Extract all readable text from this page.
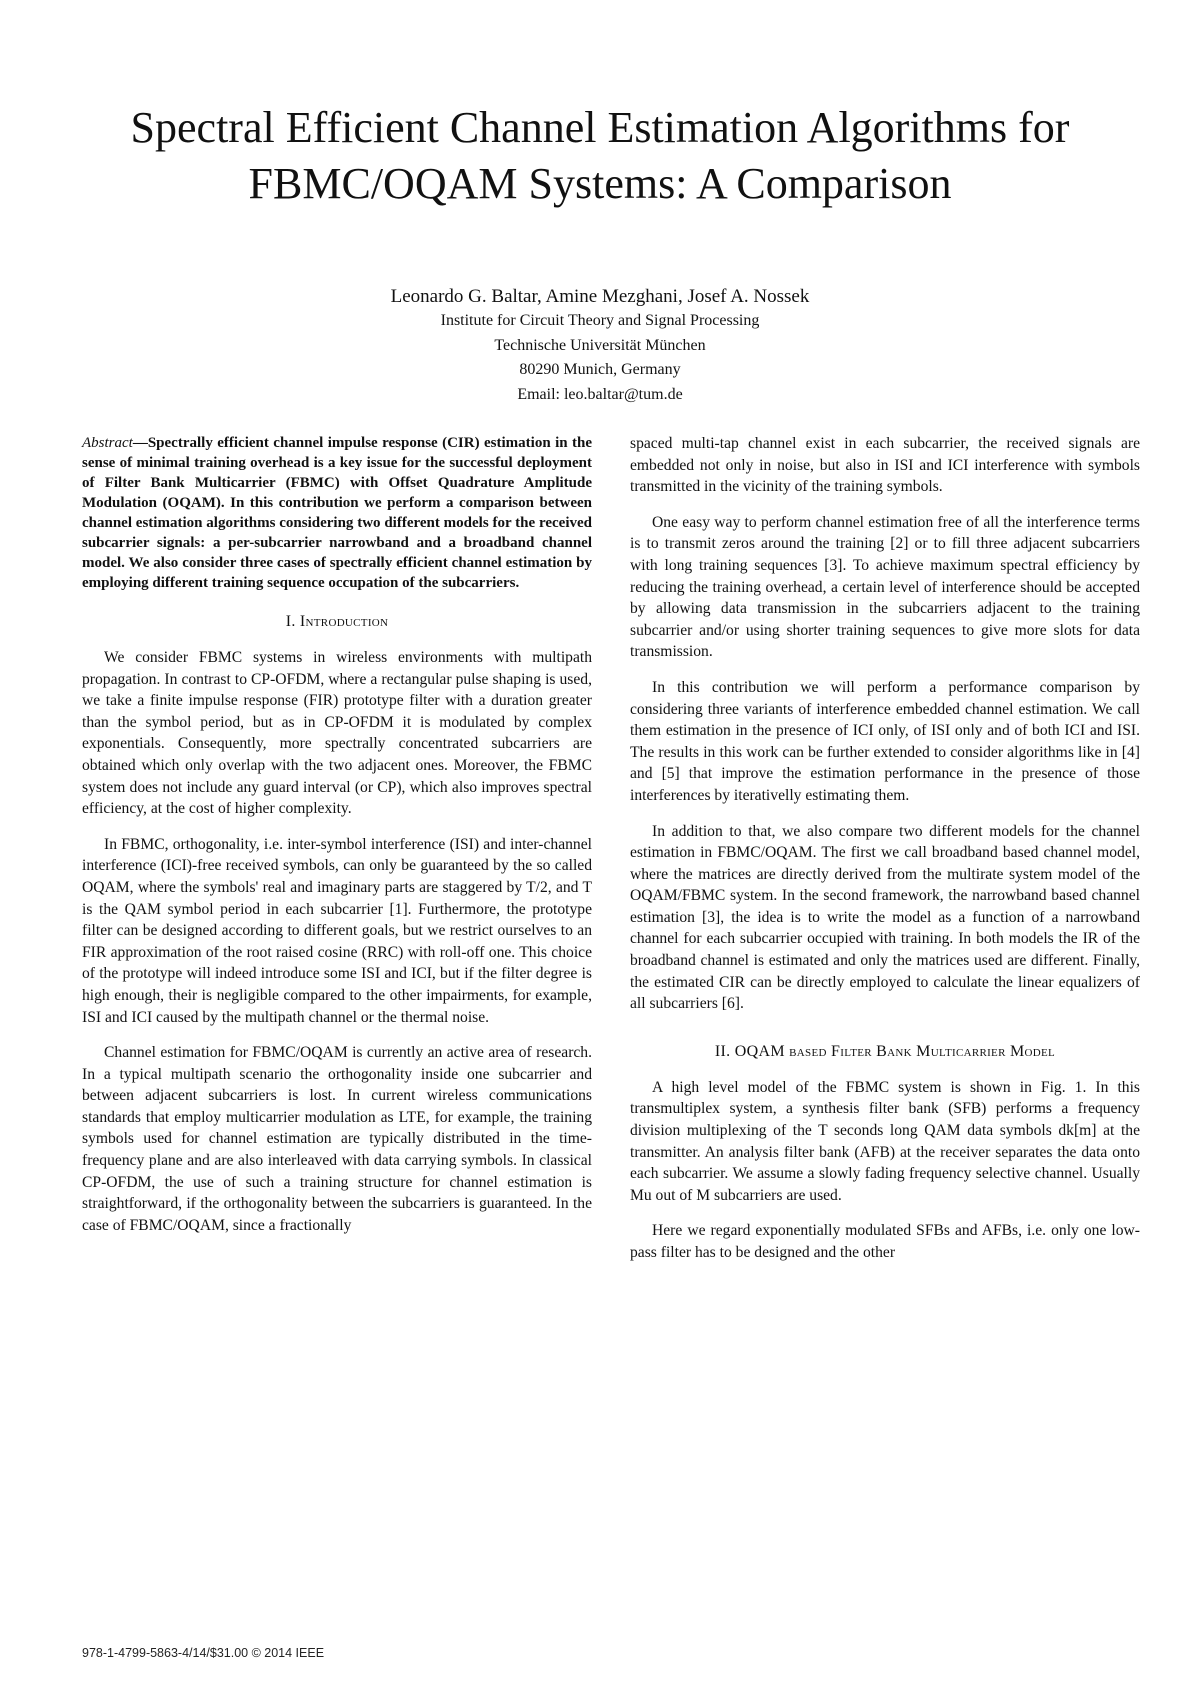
Spectral Efficient Channel Estimation Algorithms for
FBMC/OQAM Systems: A Comparison

Leonardo G. Baltar, Amine Mezghani, Josef A. Nossek

Institute for Circuit Theory and Signal Processing

Technische Universität München

80290 Munich, Germany

Email: leo.baltar@tum.de

Abstract—Spectrally efficient channel impulse response (CIR) estimation in the sense of minimal training overhead is a key issue for the successful deployment of Filter Bank Multicarrier (FBMC) with Offset Quadrature Amplitude Modulation (OQAM). In this contribution we perform a comparison between channel estimation algorithms considering two different models for the received subcarrier signals: a per-subcarrier narrowband and a broadband channel model. We also consider three cases of spectrally efficient channel estimation by employing different training sequence occupation of the subcarriers.

I. Introduction

We consider FBMC systems in wireless environments with multipath propagation. In contrast to CP-OFDM, where a rectangular pulse shaping is used, we take a finite impulse response (FIR) prototype filter with a duration greater than the symbol period, but as in CP-OFDM it is modulated by complex exponentials. Consequently, more spectrally concentrated subcarriers are obtained which only overlap with the two adjacent ones. Moreover, the FBMC system does not include any guard interval (or CP), which also improves spectral efficiency, at the cost of higher complexity.

In FBMC, orthogonality, i.e. inter-symbol interference (ISI) and inter-channel interference (ICI)-free received symbols, can only be guaranteed by the so called OQAM, where the symbols' real and imaginary parts are staggered by T/2, and T is the QAM symbol period in each subcarrier [1]. Furthermore, the prototype filter can be designed according to different goals, but we restrict ourselves to an FIR approximation of the root raised cosine (RRC) with roll-off one. This choice of the prototype will indeed introduce some ISI and ICI, but if the filter degree is high enough, their is negligible compared to the other impairments, for example, ISI and ICI caused by the multipath channel or the thermal noise.

Channel estimation for FBMC/OQAM is currently an active area of research. In a typical multipath scenario the orthogonality inside one subcarrier and between adjacent subcarriers is lost. In current wireless communications standards that employ multicarrier modulation as LTE, for example, the training symbols used for channel estimation are typically distributed in the time-frequency plane and are also interleaved with data carrying symbols. In classical CP-OFDM, the use of such a training structure for channel estimation is straightforward, if the orthogonality between the subcarriers is guaranteed. In the case of FBMC/OQAM, since a fractionally

spaced multi-tap channel exist in each subcarrier, the received signals are embedded not only in noise, but also in ISI and ICI interference with symbols transmitted in the vicinity of the training symbols.

One easy way to perform channel estimation free of all the interference terms is to transmit zeros around the training [2] or to fill three adjacent subcarriers with long training sequences [3]. To achieve maximum spectral efficiency by reducing the training overhead, a certain level of interference should be accepted by allowing data transmission in the subcarriers adjacent to the training subcarrier and/or using shorter training sequences to give more slots for data transmission.

In this contribution we will perform a performance comparison by considering three variants of interference embedded channel estimation. We call them estimation in the presence of ICI only, of ISI only and of both ICI and ISI. The results in this work can be further extended to consider algorithms like in [4] and [5] that improve the estimation performance in the presence of those interferences by iterativelly estimating them.

In addition to that, we also compare two different models for the channel estimation in FBMC/OQAM. The first we call broadband based channel model, where the matrices are directly derived from the multirate system model of the OQAM/FBMC system. In the second framework, the narrowband based channel estimation [3], the idea is to write the model as a function of a narrowband channel for each subcarrier occupied with training. In both models the IR of the broadband channel is estimated and only the matrices used are different. Finally, the estimated CIR can be directly employed to calculate the linear equalizers of all subcarriers [6].

II. OQAM based Filter Bank Multicarrier Model

A high level model of the FBMC system is shown in Fig. 1. In this transmultiplex system, a synthesis filter bank (SFB) performs a frequency division multiplexing of the T seconds long QAM data symbols dk[m] at the transmitter. An analysis filter bank (AFB) at the receiver separates the data onto each subcarrier. We assume a slowly fading frequency selective channel. Usually Mu out of M subcarriers are used.

Here we regard exponentially modulated SFBs and AFBs, i.e. only one low-pass filter has to be designed and the other

978-1-4799-5863-4/14/$31.00 © 2014 IEEE
